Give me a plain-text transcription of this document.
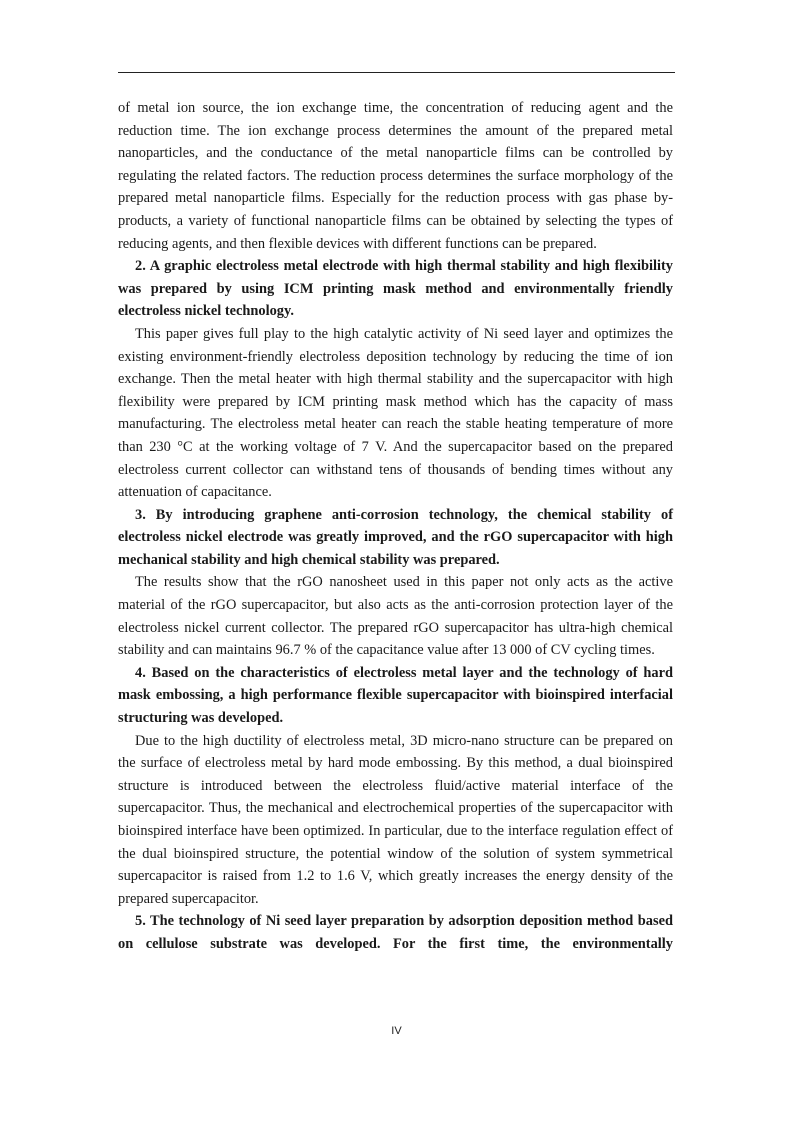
of metal ion source, the ion exchange time, the concentration of reducing agent and the reduction time. The ion exchange process determines the amount of the prepared metal nanoparticles, and the conductance of the metal nanoparticle films can be controlled by regulating the related factors. The reduction process determines the surface morphology of the prepared metal nanoparticle films. Especially for the reduction process with gas phase by-products, a variety of functional nanoparticle films can be obtained by selecting the types of reducing agents, and then flexible devices with different functions can be prepared.

2. A graphic electroless metal electrode with high thermal stability and high flexibility was prepared by using ICM printing mask method and environmentally friendly electroless nickel technology.

This paper gives full play to the high catalytic activity of Ni seed layer and optimizes the existing environment-friendly electroless deposition technology by reducing the time of ion exchange. Then the metal heater with high thermal stability and the supercapacitor with high flexibility were prepared by ICM printing mask method which has the capacity of mass manufacturing. The electroless metal heater can reach the stable heating temperature of more than 230 °C at the working voltage of 7 V. And the supercapacitor based on the prepared electroless current collector can withstand tens of thousands of bending times without any attenuation of capacitance.

3. By introducing graphene anti-corrosion technology, the chemical stability of electroless nickel electrode was greatly improved, and the rGO supercapacitor with high mechanical stability and high chemical stability was prepared.

The results show that the rGO nanosheet used in this paper not only acts as the active material of the rGO supercapacitor, but also acts as the anti-corrosion protection layer of the electroless nickel current collector. The prepared rGO supercapacitor has ultra-high chemical stability and can maintains 96.7 % of the capacitance value after 13 000 of CV cycling times.

4. Based on the characteristics of electroless metal layer and the technology of hard mask embossing, a high performance flexible supercapacitor with bioinspired interfacial structuring was developed.

Due to the high ductility of electroless metal, 3D micro-nano structure can be prepared on the surface of electroless metal by hard mode embossing. By this method, a dual bioinspired structure is introduced between the electroless fluid/active material interface of the supercapacitor. Thus, the mechanical and electrochemical properties of the supercapacitor with bioinspired interface have been optimized. In particular, due to the interface regulation effect of the dual bioinspired structure, the potential window of the solution of system symmetrical supercapacitor is raised from 1.2 to 1.6 V, which greatly increases the energy density of the prepared supercapacitor.

5. The technology of Ni seed layer preparation by adsorption deposition method based on cellulose substrate was developed. For the first time, the environmentally

IV
